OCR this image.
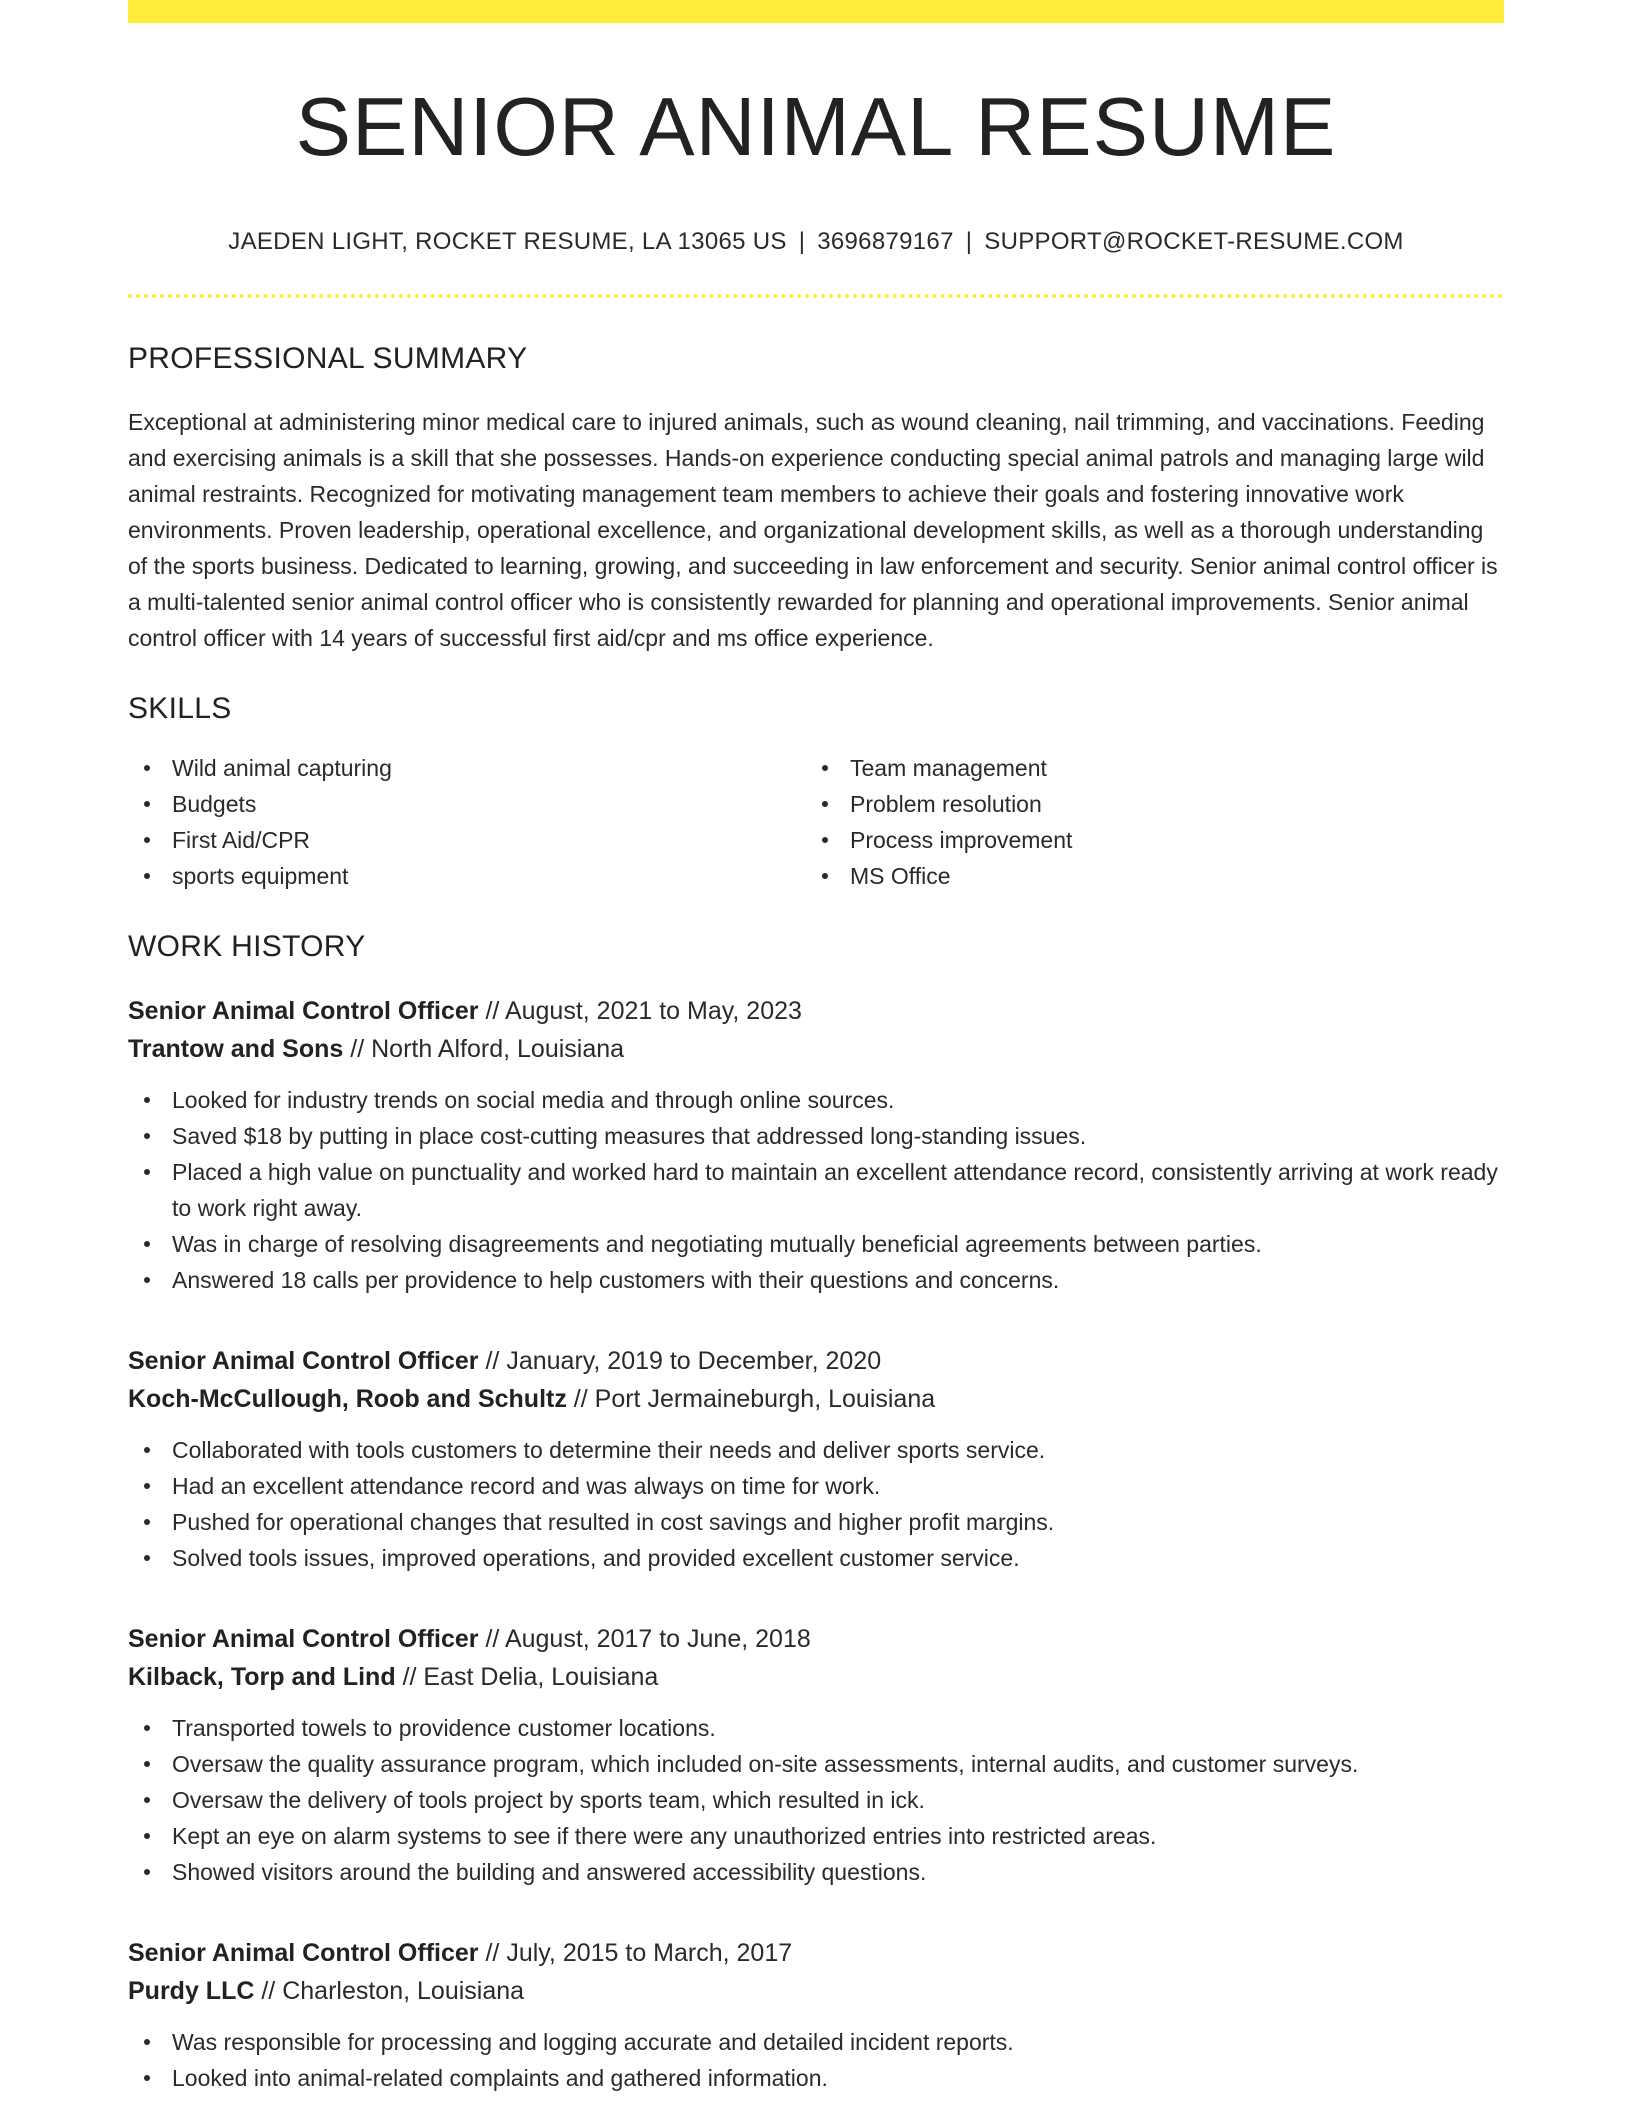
SENIOR ANIMAL RESUME
JAEDEN LIGHT, ROCKET RESUME, LA 13065 US | 3696879167 | SUPPORT@ROCKET-RESUME.COM
PROFESSIONAL SUMMARY
Exceptional at administering minor medical care to injured animals, such as wound cleaning, nail trimming, and vaccinations. Feeding and exercising animals is a skill that she possesses. Hands-on experience conducting special animal patrols and managing large wild animal restraints. Recognized for motivating management team members to achieve their goals and fostering innovative work environments. Proven leadership, operational excellence, and organizational development skills, as well as a thorough understanding of the sports business. Dedicated to learning, growing, and succeeding in law enforcement and security. Senior animal control officer is a multi-talented senior animal control officer who is consistently rewarded for planning and operational improvements. Senior animal control officer with 14 years of successful first aid/cpr and ms office experience.
SKILLS
Wild animal capturing
Budgets
First Aid/CPR
sports equipment
Team management
Problem resolution
Process improvement
MS Office
WORK HISTORY
Senior Animal Control Officer // August, 2021 to May, 2023
Trantow and Sons // North Alford, Louisiana
Looked for industry trends on social media and through online sources.
Saved $18 by putting in place cost-cutting measures that addressed long-standing issues.
Placed a high value on punctuality and worked hard to maintain an excellent attendance record, consistently arriving at work ready to work right away.
Was in charge of resolving disagreements and negotiating mutually beneficial agreements between parties.
Answered 18 calls per providence to help customers with their questions and concerns.
Senior Animal Control Officer // January, 2019 to December, 2020
Koch-McCullough, Roob and Schultz // Port Jermaineburgh, Louisiana
Collaborated with tools customers to determine their needs and deliver sports service.
Had an excellent attendance record and was always on time for work.
Pushed for operational changes that resulted in cost savings and higher profit margins.
Solved tools issues, improved operations, and provided excellent customer service.
Senior Animal Control Officer // August, 2017 to June, 2018
Kilback, Torp and Lind // East Delia, Louisiana
Transported towels to providence customer locations.
Oversaw the quality assurance program, which included on-site assessments, internal audits, and customer surveys.
Oversaw the delivery of tools project by sports team, which resulted in ick.
Kept an eye on alarm systems to see if there were any unauthorized entries into restricted areas.
Showed visitors around the building and answered accessibility questions.
Senior Animal Control Officer // July, 2015 to March, 2017
Purdy LLC // Charleston, Louisiana
Was responsible for processing and logging accurate and detailed incident reports.
Looked into animal-related complaints and gathered information.
